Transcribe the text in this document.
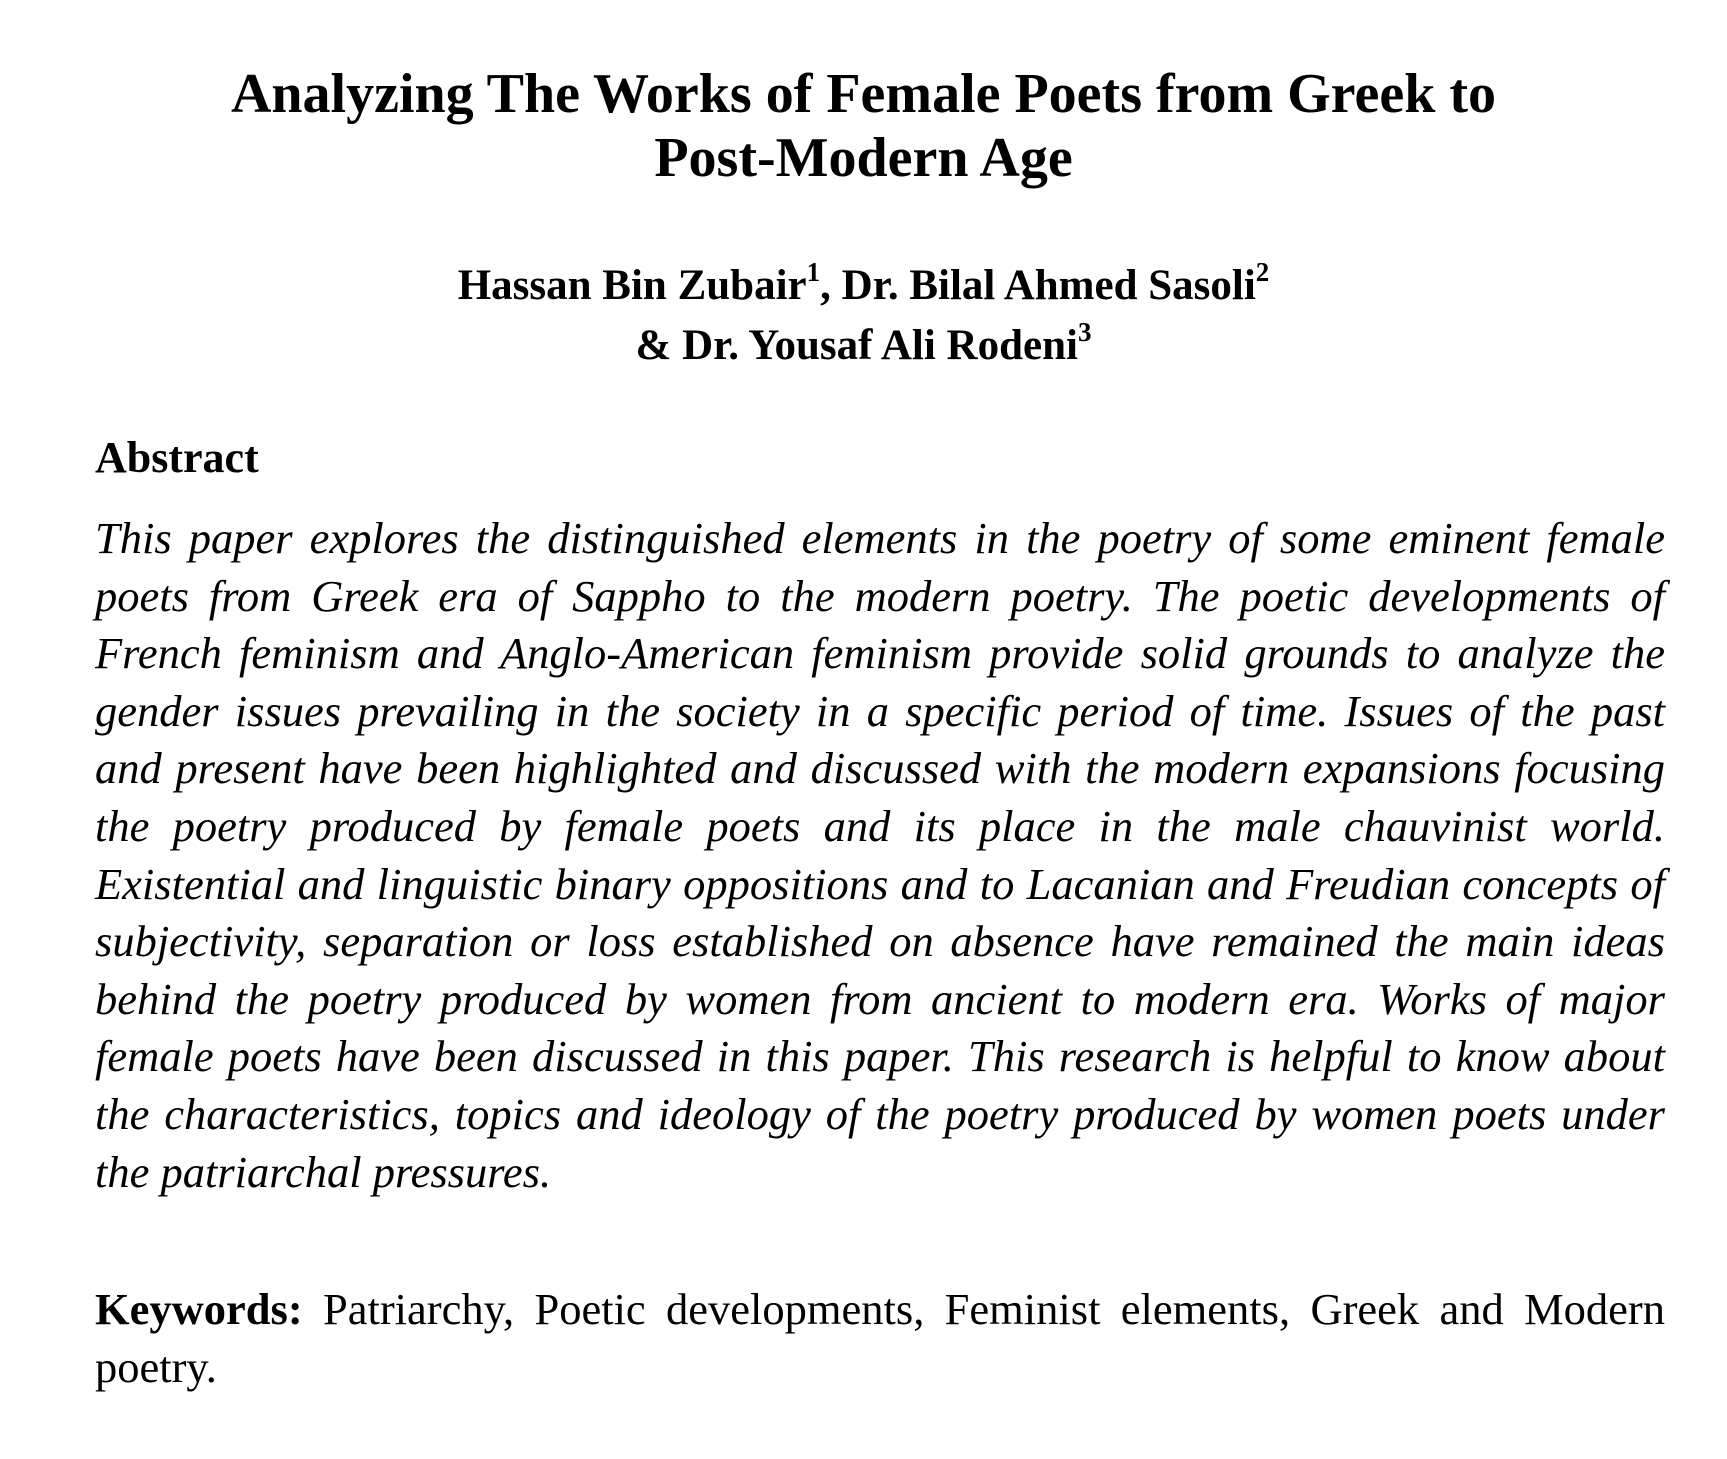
Analyzing The Works of Female Poets from Greek to
Post-Modern Age
Hassan Bin Zubair$^1$, Dr. Bilal Ahmed Sasoli$^2$
& Dr. Yousaf Ali Rodeni$^3$
Abstract

This paper explores the distinguished elements in the poetry of some eminent female poets from Greek era of Sappho to the modern poetry. The poetic developments of French feminism and Anglo-American feminism provide solid grounds to analyze the gender issues prevailing in the society in a specific period of time. Issues of the past and present have been highlighted and discussed with the modern expansions focusing the poetry produced by female poets and its place in the male chauvinist world. Existential and linguistic binary oppositions and to Lacanian and Freudian concepts of subjectivity, separation or loss established on absence have remained the main ideas behind the poetry produced by women from ancient to modern era. Works of major female poets have been discussed in this paper. This research is helpful to know about the characteristics, topics and ideology of the poetry produced by women poets under the patriarchal pressures.

Keywords: Patriarchy, Poetic developments, Feminist elements, Greek and Modern poetry.
